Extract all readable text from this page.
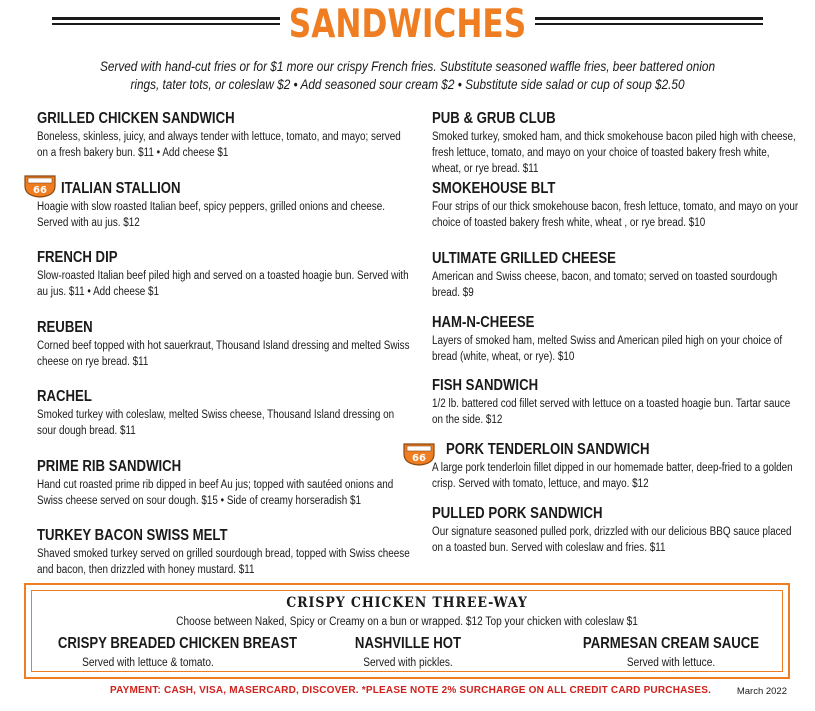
SANDWICHES
Served with hand-cut fries or for $1 more our crispy French fries. Substitute seasoned waffle fries, beer battered onion rings, tater tots, or coleslaw $2 • Add seasoned sour cream $2 • Substitute side salad or cup of soup $2.50
GRILLED CHICKEN SANDWICH
Boneless, skinless, juicy, and always tender with lettuce, tomato, and mayo; served on a fresh bakery bun. $11 • Add cheese $1
ITALIAN STALLION
Hoagie with slow roasted Italian beef, spicy peppers, grilled onions and cheese. Served with au jus. $12
FRENCH DIP
Slow-roasted Italian beef piled high and served on a toasted hoagie bun. Served with au jus. $11 • Add cheese $1
REUBEN
Corned beef topped with hot sauerkraut, Thousand Island dressing and melted Swiss cheese on rye bread. $11
RACHEL
Smoked turkey with coleslaw, melted Swiss cheese, Thousand Island dressing on sour dough bread. $11
PRIME RIB SANDWICH
Hand cut roasted prime rib dipped in beef Au jus; topped with sautéed onions and Swiss cheese served on sour dough. $15 • Side of creamy horseradish $1
TURKEY BACON SWISS MELT
Shaved smoked turkey served on grilled sourdough bread, topped with Swiss cheese and bacon, then drizzled with honey mustard. $11
PUB & GRUB CLUB
Smoked turkey, smoked ham, and thick smokehouse bacon piled high with cheese, fresh lettuce, tomato, and mayo on your choice of toasted bakery fresh white, wheat, or rye bread. $11
SMOKEHOUSE BLT
Four strips of our thick smokehouse bacon, fresh lettuce, tomato, and mayo on your choice of toasted bakery fresh white, wheat , or rye bread. $10
ULTIMATE GRILLED CHEESE
American and Swiss cheese, bacon, and tomato; served on toasted sourdough bread. $9
HAM-N-CHEESE
Layers of smoked ham, melted Swiss and American piled high on your choice of bread (white, wheat, or rye). $10
FISH SANDWICH
1/2 lb. battered cod fillet served with lettuce on a toasted hoagie bun. Tartar sauce on the side. $12
PORK TENDERLOIN SANDWICH
A large pork tenderloin fillet dipped in our homemade batter, deep-fried to a golden crisp. Served with tomato, lettuce, and mayo. $12
PULLED PORK SANDWICH
Our signature seasoned pulled pork, drizzled with our delicious BBQ sauce placed on a toasted bun. Served with coleslaw and fries. $11
66
66
CRISPY CHICKEN THREE-WAY
Choose between Naked, Spicy or Creamy on a bun or wrapped. $12 Top your chicken with coleslaw $1
CRISPY BREADED CHICKEN BREAST
Served with lettuce & tomato.
NASHVILLE HOT
Served with pickles.
PARMESAN CREAM SAUCE
Served with lettuce.
PAYMENT: CASH, VISA, MASERCARD, DISCOVER. *PLEASE NOTE 2% SURCHARGE ON ALL CREDIT CARD PURCHASES.	March 2022
